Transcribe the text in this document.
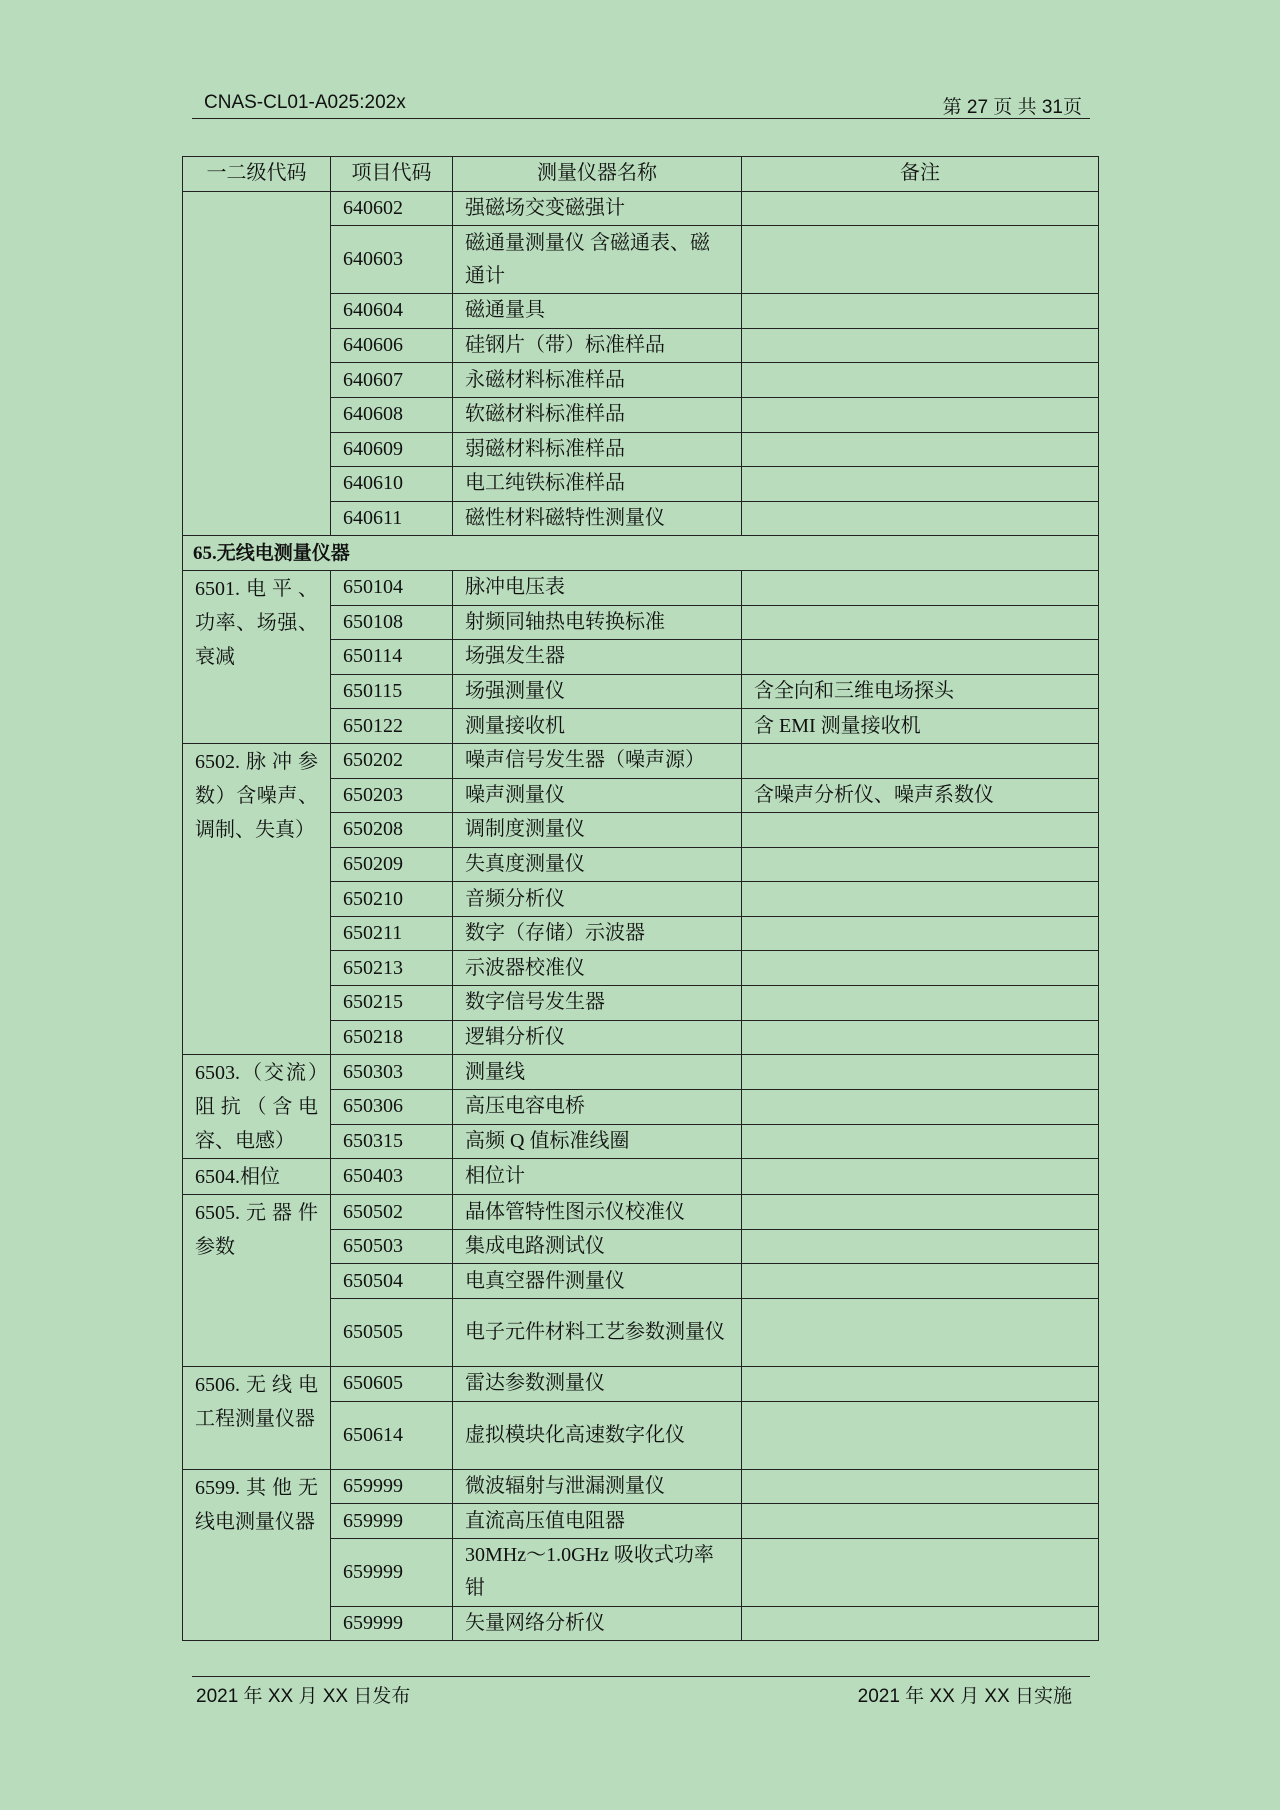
CNAS-CL01-A025:202x	第 27 页 共 31页
一二级代码	项目代码	测量仪器名称	备注
	640602	强磁场交变磁强计	
	640603	磁通量测量仪 含磁通表、磁通计	
	640604	磁通量具	
	640606	硅钢片（带）标准样品	
	640607	永磁材料标准样品	
	640608	软磁材料标准样品	
	640609	弱磁材料标准样品	
	640610	电工纯铁标准样品	
	640611	磁性材料磁特性测量仪	
65.无线电测量仪器			
6501.电平、功率、场强、衰减	650104	脉冲电压表	
	650108	射频同轴热电转换标准	
	650114	场强发生器	
	650115	场强测量仪	含全向和三维电场探头
	650122	测量接收机	含 EMI 测量接收机
6502.脉冲参数）含噪声、调制、失真）	650202	噪声信号发生器（噪声源）	
	650203	噪声测量仪	含噪声分析仪、噪声系数仪
	650208	调制度测量仪	
	650209	失真度测量仪	
	650210	音频分析仪	
	650211	数字（存储）示波器	
	650213	示波器校准仪	
	650215	数字信号发生器	
	650218	逻辑分析仪	
6503.（交流）阻抗（含电容、电感）	650303	测量线	
	650306	高压电容电桥	
	650315	高频 Q 值标准线圈	
6504.相位	650403	相位计	
6505.元器件参数	650502	晶体管特性图示仪校准仪	
	650503	集成电路测试仪	
	650504	电真空器件测量仪	
	650505	电子元件材料工艺参数测量仪	
6506.无线电工程测量仪器	650605	雷达参数测量仪	
	650614	虚拟模块化高速数字化仪	
6599.其他无线电测量仪器	659999	微波辐射与泄漏测量仪	
	659999	直流高压值电阻器	
	659999	30MHz～1.0GHz 吸收式功率钳	
	659999	矢量网络分析仪	
2021 年 XX 月 XX 日发布	2021 年 XX 月 XX 日实施
